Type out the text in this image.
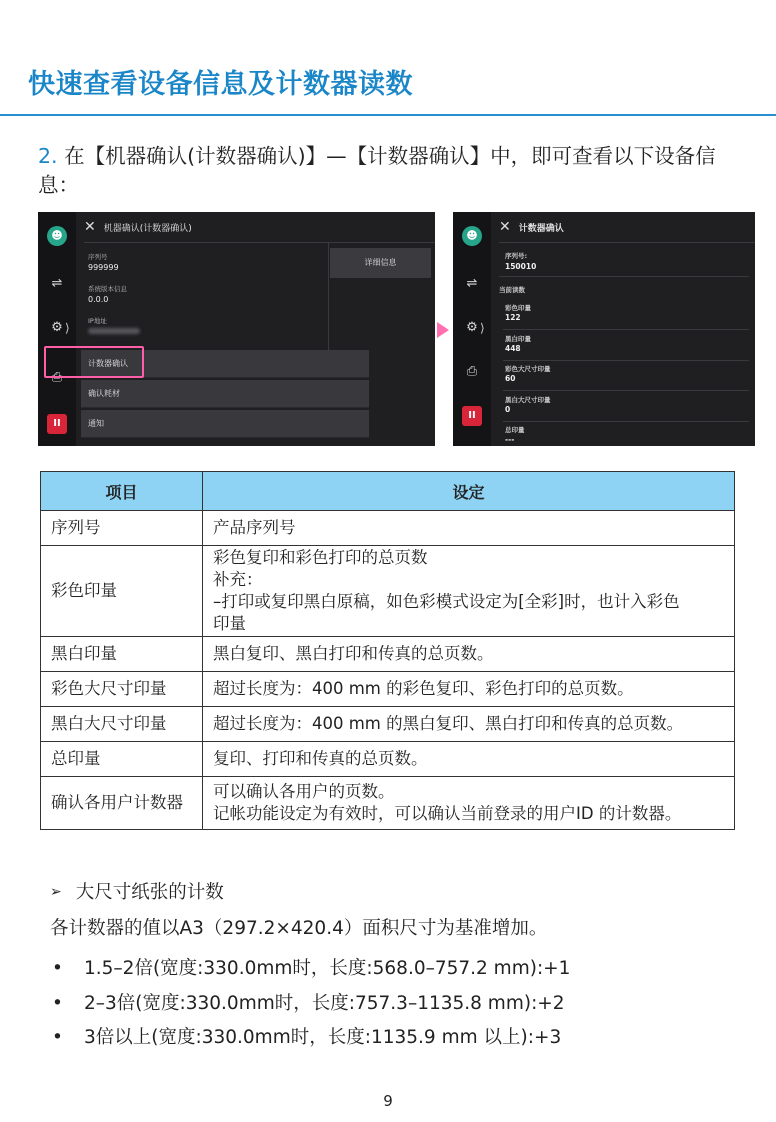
快速查看设备信息及计数器读数
2. 在【机器确认(计数器确认)】—【计数器确认】中，即可查看以下设备信息：
☻
⇌
⚙ ⟩
⎙
II
✕ 机器确认(计数器确认)
序列号
999999
系统版本信息
0.0.0
IP地址
详细信息
计数器确认
确认耗材
通知
☻
⇌
⚙ ⟩
⎙
II
✕ 计数器确认
序列号:
150010
当前读数
彩色印量
122
黑白印量
448
彩色大尺寸印量
60
黑白大尺寸印量
0
总印量
---
项目	设定
序列号	产品序列号

彩色印量	彩色复印和彩色打印的总页数
补充：
–打印或复印黑白原稿，如色彩模式设定为[全彩]时，也计入彩色
印量

黑白印量	黑白复印、黑白打印和传真的总页数。

彩色大尺寸印量	超过长度为：400 mm 的彩色复印、彩色打印的总页数。

黑白大尺寸印量	超过长度为：400 mm 的黑白复印、黑白打印和传真的总页数。

总印量	复印、打印和传真的总页数。

确认各用户计数器	可以确认各用户的页数。
记帐功能设定为有效时，可以确认当前登录的用户ID 的计数器。
➢ 大尺寸纸张的计数
各计数器的值以A3（297.2×420.4）面积尺寸为基准增加。
• 1.5–2倍(宽度:330.0mm时，长度:568.0–757.2 mm):+1
• 2–3倍(宽度:330.0mm时，长度:757.3–1135.8 mm):+2
• 3倍以上(宽度:330.0mm时，长度:1135.9 mm 以上):+3
9
